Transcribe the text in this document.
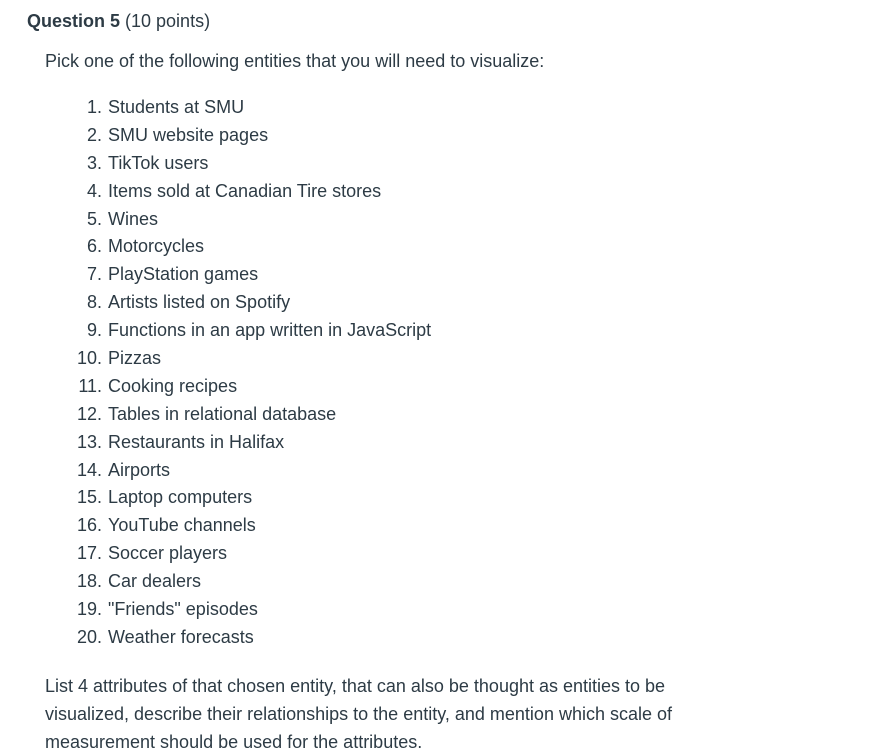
Question 5 (10 points)

Pick one of the following entities that you will need to visualize:

1. Students at SMU
2. SMU website pages
3. TikTok users
4. Items sold at Canadian Tire stores
5. Wines
6. Motorcycles
7. PlayStation games
8. Artists listed on Spotify
9. Functions in an app written in JavaScript
10. Pizzas
11. Cooking recipes
12. Tables in relational database
13. Restaurants in Halifax
14. Airports
15. Laptop computers
16. YouTube channels
17. Soccer players
18. Car dealers
19. "Friends" episodes
20. Weather forecasts

List 4 attributes of that chosen entity, that can also be thought as entities to be visualized, describe their relationships to the entity, and mention which scale of measurement should be used for the attributes.
